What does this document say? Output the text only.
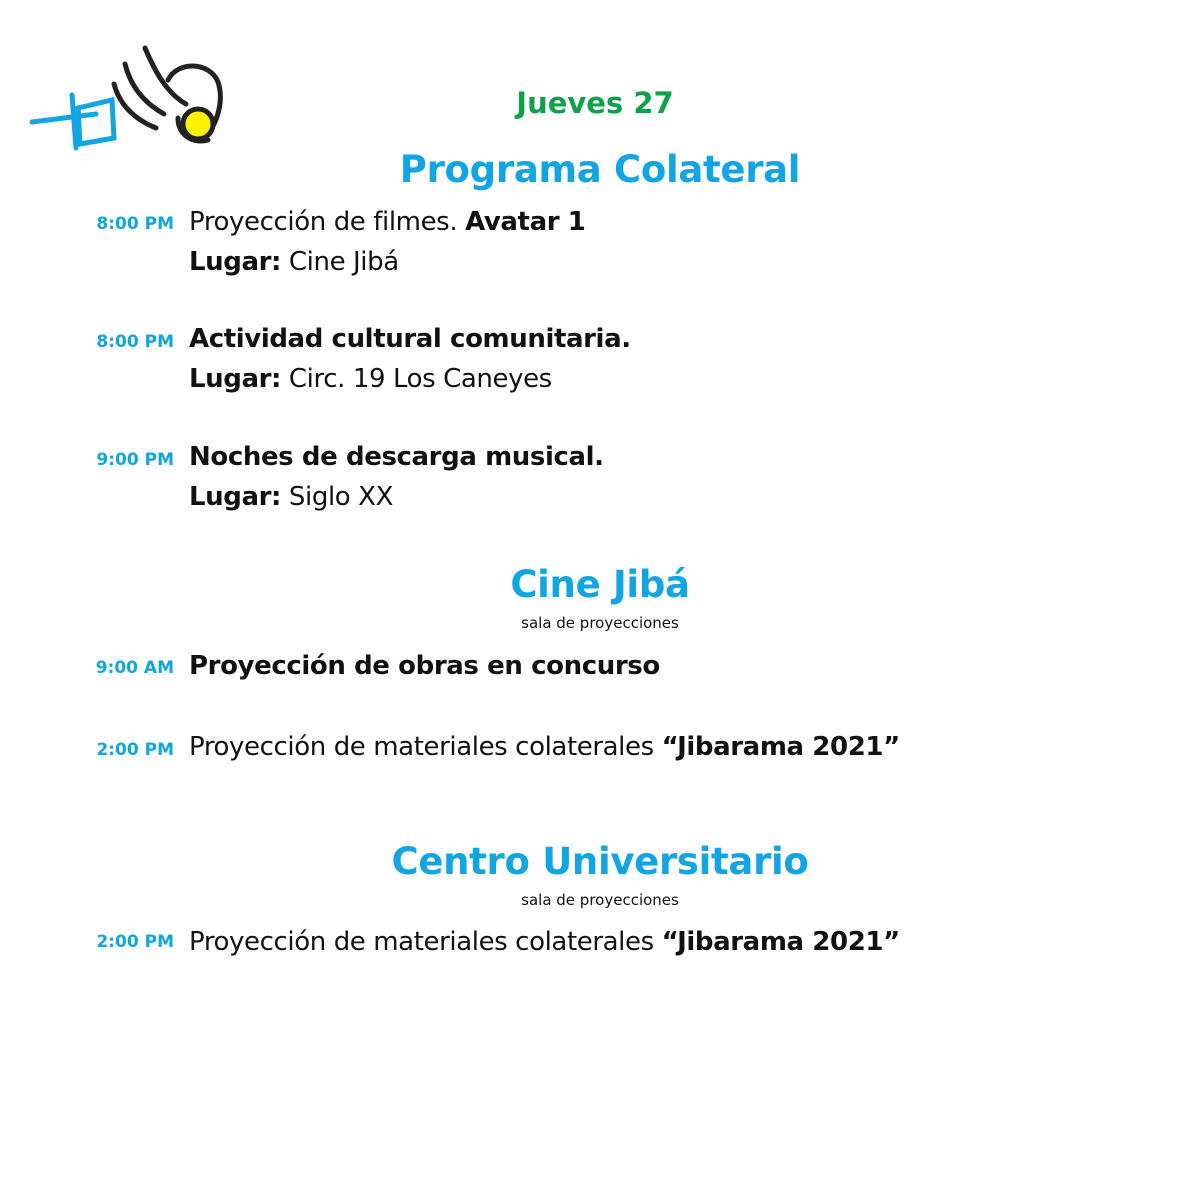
Jueves 27
Programa Colateral
8:00 PM Proyección de filmes. Avatar 1
Lugar: Cine Jibá
8:00 PM Actividad cultural comunitaria.
Lugar: Circ. 19 Los Caneyes
9:00 PM Noches de descarga musical.
Lugar: Siglo XX
Cine Jibá
sala de proyecciones
9:00 AM Proyección de obras en concurso
2:00 PM Proyección de materiales colaterales “Jibarama 2021”
Centro Universitario
sala de proyecciones
2:00 PM Proyección de materiales colaterales “Jibarama 2021”
